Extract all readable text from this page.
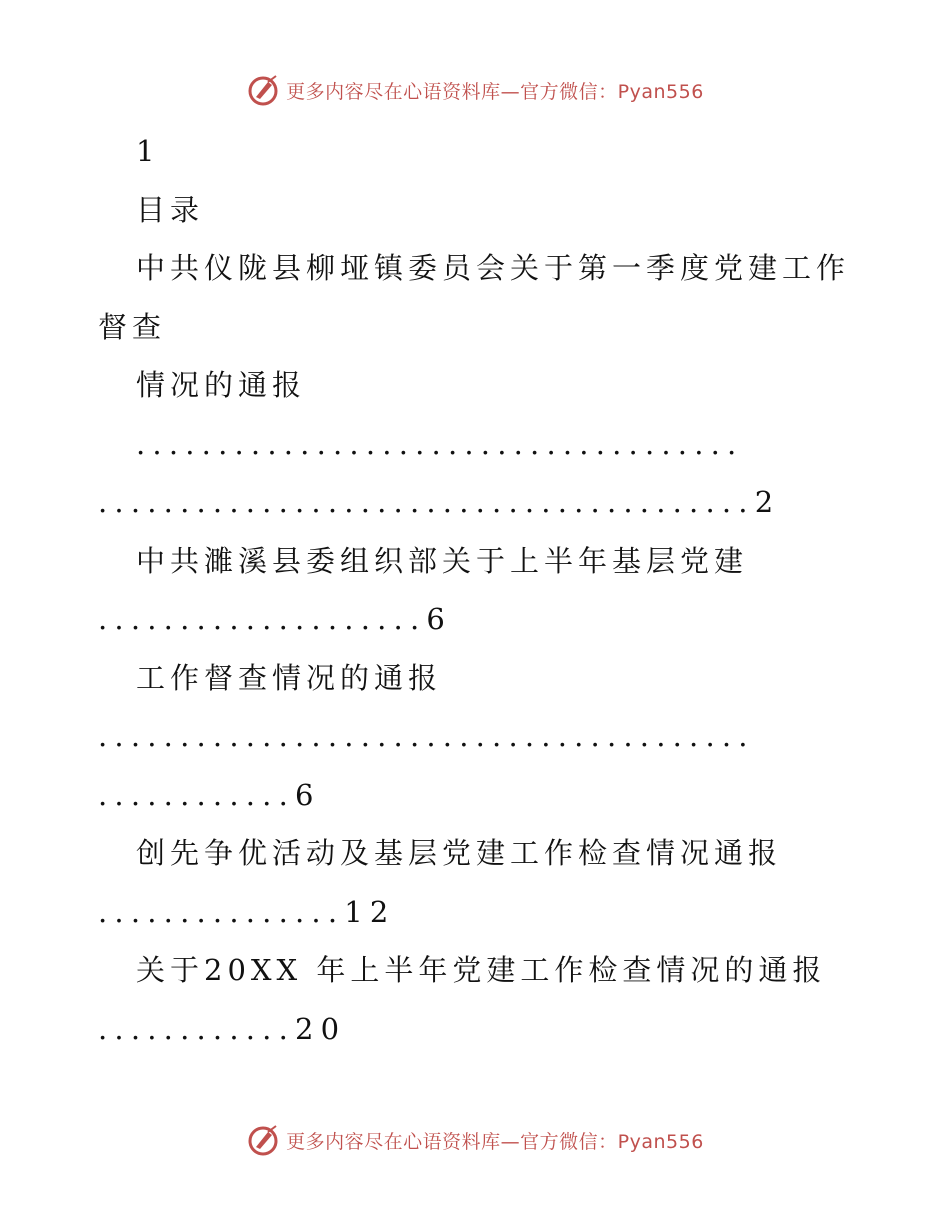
更多内容尽在心语资料库—官方微信：Pyan556
1
目录
中共仪陇县柳垭镇委员会关于第一季度党建工作
督查
情况的通报
.....................................
........................................2
中共濉溪县委组织部关于上半年基层党建
....................6
工作督查情况的通报
........................................
............6
创先争优活动及基层党建工作检查情况通报
...............12
关于20XX 年上半年党建工作检查情况的通报
............20
更多内容尽在心语资料库—官方微信：Pyan556
